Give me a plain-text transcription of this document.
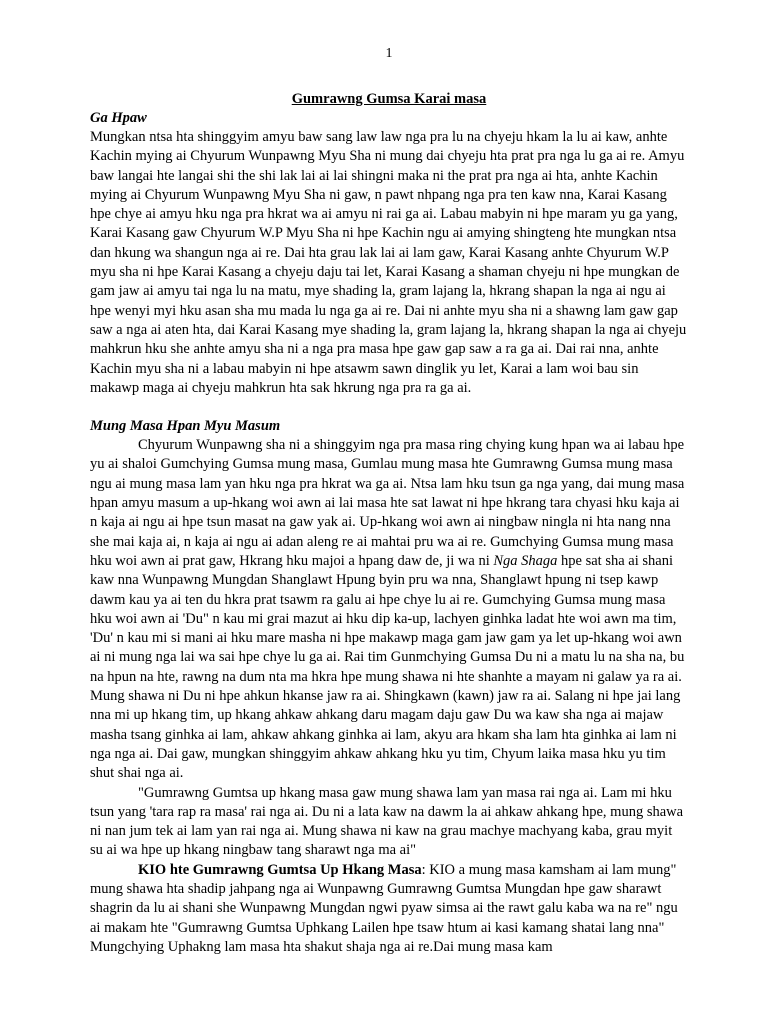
1
Gumrawng Gumsa Karai masa
Ga Hpaw

Mungkan ntsa hta shinggyim amyu baw sang law law nga pra lu na chyeju hkam la lu ai kaw, anhte Kachin mying ai Chyurum Wunpawng Myu Sha ni mung dai chyeju hta prat pra nga lu ga ai re. Amyu baw langai hte langai shi the shi lak lai ai lai shingni maka ni the prat pra nga ai hta, anhte Kachin mying ai Chyurum Wunpawng Myu Sha ni gaw, n pawt nhpang nga pra ten kaw nna, Karai Kasang hpe chye ai amyu hku nga pra hkrat wa ai amyu ni rai ga ai. Labau mabyin ni hpe maram yu ga yang, Karai Kasang gaw Chyurum W.P Myu Sha ni hpe Kachin ngu ai amying shingteng hte mungkan ntsa dan hkung wa shangun nga ai re. Dai hta grau lak lai ai lam gaw, Karai Kasang anhte Chyurum W.P myu sha ni hpe Karai Kasang a chyeju daju tai let, Karai Kasang a shaman chyeju ni hpe mungkan de gam jaw ai amyu tai nga lu na matu, mye shading la, gram lajang la, hkrang shapan la nga ai ngu ai hpe wenyi myi hku asan sha mu mada lu nga ga ai re. Dai ni anhte myu sha ni a shawng lam gaw gap saw a nga ai aten hta, dai Karai Kasang mye shading la, gram lajang la, hkrang shapan la nga ai chyeju mahkrun hku she anhte amyu sha ni a nga pra masa hpe gaw gap saw a ra ga ai. Dai rai nna, anhte Kachin myu sha ni a labau mabyin ni hpe atsawm sawn dinglik yu let, Karai a lam woi bau sin makawp maga ai chyeju mahkrun hta sak hkrung nga pra ra ga ai.

Mung Masa Hpan Myu Masum

Chyurum Wunpawng sha ni a shinggyim nga pra masa ring chying kung hpan wa ai labau hpe yu ai shaloi Gumchying Gumsa mung masa, Gumlau mung masa hte Gumrawng Gumsa mung masa ngu ai mung masa lam yan hku nga pra hkrat wa ga ai. Ntsa lam hku tsun ga nga yang, dai mung masa hpan amyu masum a up-hkang woi awn ai lai masa hte sat lawat ni hpe hkrang tara chyasi hku kaja ai n kaja ai ngu ai hpe tsun masat na gaw yak ai. Up-hkang woi awn ai ningbaw ningla ni hta nang nna she mai kaja ai, n kaja ai ngu ai adan aleng re ai mahtai pru wa ai re. Gumchying Gumsa mung masa hku woi awn ai prat gaw, Hkrang hku majoi a hpang daw de, ji wa ni Nga Shaga hpe sat sha ai shani kaw nna Wunpawng Mungdan Shanglawt Hpung byin pru wa nna, Shanglawt hpung ni tsep kawp dawm kau ya ai ten du hkra prat tsawm ra galu ai hpe chye lu ai re. Gumchying Gumsa mung masa hku woi awn ai 'Du" n kau mi grai mazut ai hku dip ka-up, lachyen ginhka ladat hte woi awn ma tim, 'Du' n kau mi si mani ai hku mare masha ni hpe makawp maga gam jaw gam ya let up-hkang woi awn ai ni mung nga lai wa sai hpe chye lu ga ai. Rai tim Gunmchying Gumsa Du ni a matu lu na sha na, bu na hpun na hte, rawng na dum nta ma hkra hpe mung shawa ni hte shanhte a mayam ni galaw ya ra ai. Mung shawa ni Du ni hpe ahkun hkanse jaw ra ai. Shingkawn (kawn) jaw ra ai. Salang ni hpe jai lang nna mi up hkang tim, up hkang ahkaw ahkang daru magam daju gaw Du wa kaw sha nga ai majaw masha tsang ginhka ai lam, ahkaw ahkang ginhka ai lam, akyu ara hkam sha lam hta ginhka ai lam ni nga nga ai. Dai gaw, mungkan shinggyim ahkaw ahkang hku yu tim, Chyum laika masa hku yu tim shut shai nga ai.

"Gumrawng Gumtsa up hkang masa gaw mung shawa lam yan masa rai nga ai. Lam mi hku tsun yang 'tara rap ra masa' rai nga ai. Du ni a lata kaw na dawm la ai ahkaw ahkang hpe, mung shawa ni nan jum tek ai lam yan rai nga ai. Mung shawa ni kaw na grau machye machyang kaba, grau myit su ai wa hpe up hkang ningbaw tang sharawt nga ma ai"

KIO hte Gumrawng Gumtsa Up Hkang Masa: KIO a mung masa kamsham ai lam mung" mung shawa hta shadip jahpang nga ai Wunpawng Gumrawng Gumtsa Mungdan hpe gaw sharawt shagrin da lu ai shani she Wunpawng Mungdan ngwi pyaw simsa ai the rawt galu kaba wa na re" ngu ai makam hte "Gumrawng Gumtsa Uphkang Lailen hpe tsaw htum ai kasi kamang shatai lang nna" Mungchying Uphakng lam masa hta shakut shaja nga ai re.Dai mung masa kam
